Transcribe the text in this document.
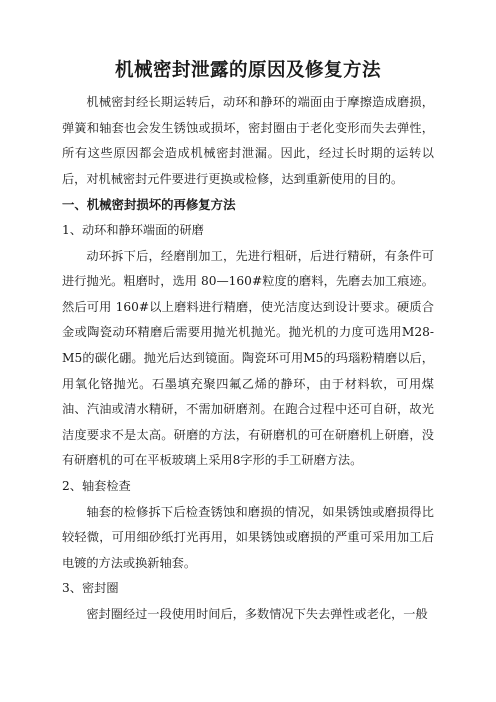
机械密封泄露的原因及修复方法

机械密封经长期运转后，动环和静环的端面由于摩擦造成磨损，弹簧和轴套也会发生锈蚀或损坏，密封圈由于老化变形而失去弹性，所有这些原因都会造成机械密封泄漏。因此，经过长时期的运转以后，对机械密封元件要进行更换或检修，达到重新使用的目的。

一、机械密封损坏的再修复方法

1、动环和静环端面的研磨

动环拆下后，经磨削加工，先进行粗研，后进行精研，有条件可进行抛光。粗磨时，选用 80—160#粒度的磨料，先磨去加工痕迹。然后可用 160#以上磨料进行精磨，使光洁度达到设计要求。硬质合金或陶瓷动环精磨后需要用抛光机抛光。抛光机的力度可选用M28-M5的碳化硼。抛光后达到镜面。陶瓷环可用M5的玛瑙粉精磨以后，用氧化铬抛光。石墨填充聚四氟乙烯的静环，由于材料软，可用煤油、汽油或清水精研，不需加研磨剂。在跑合过程中还可自研，故光洁度要求不是太高。研磨的方法，有研磨机的可在研磨机上研磨，没有研磨机的可在平板玻璃上采用8字形的手工研磨方法。

2、轴套检查

轴套的检修拆下后检查锈蚀和磨损的情况，如果锈蚀或磨损得比较轻微，可用细砂纸打光再用，如果锈蚀或磨损的严重可采用加工后电镀的方法或换新轴套。

3、密封圈

密封圈经过一段使用时间后，多数情况下失去弹性或老化，一般
